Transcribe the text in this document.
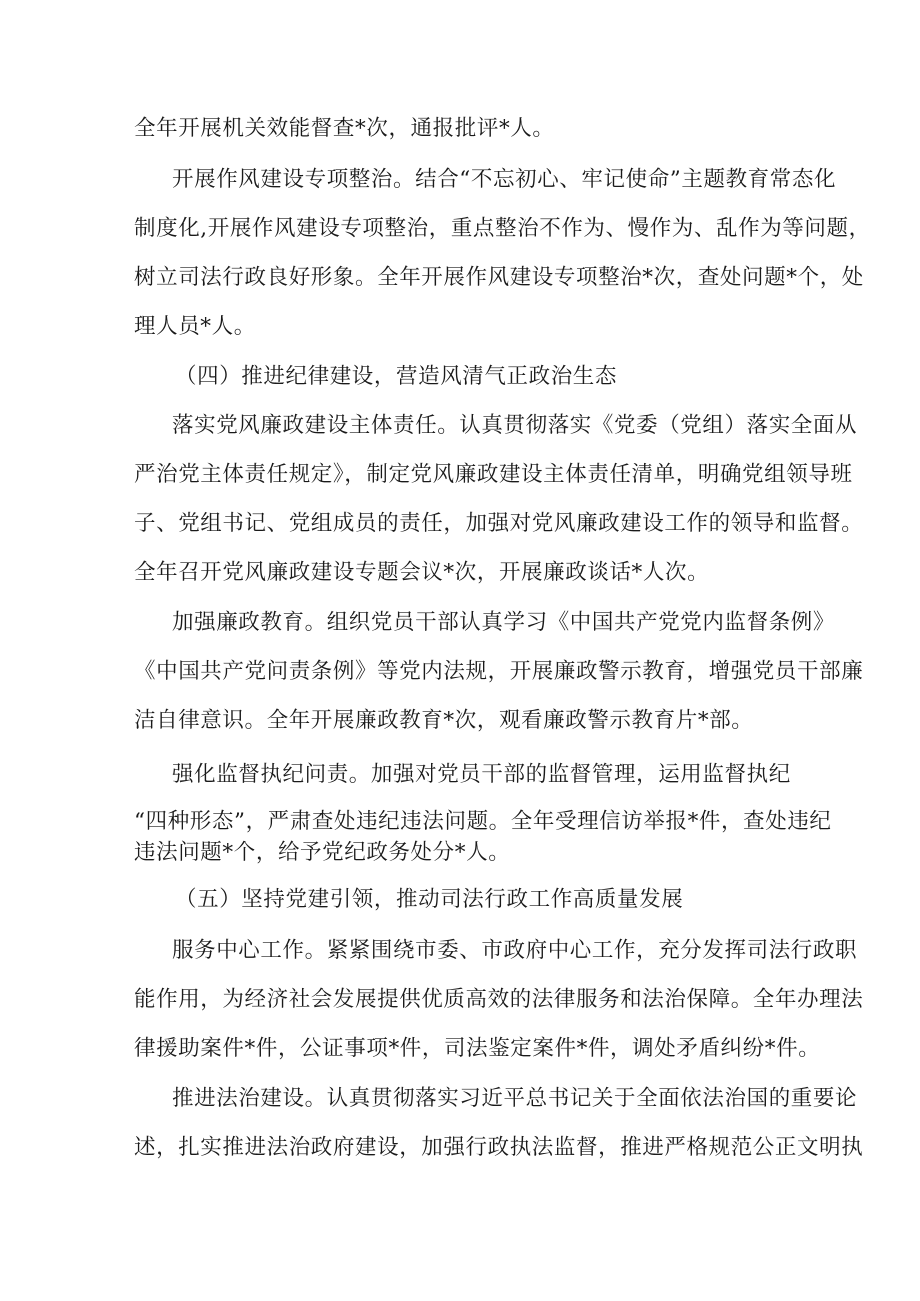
全年开展机关效能督查*次，通报批评*人。
开展作风建设专项整治。结合“不忘初心、牢记使命”主题教育常态化
制度化,开展作风建设专项整治，重点整治不作为、慢作为、乱作为等问题，
树立司法行政良好形象。全年开展作风建设专项整治*次，查处问题*个，处
理人员*人。
（四）推进纪律建设，营造风清气正政治生态
落实党风廉政建设主体责任。认真贯彻落实《党委（党组）落实全面从
严治党主体责任规定》，制定党风廉政建设主体责任清单，明确党组领导班
子、党组书记、党组成员的责任，加强对党风廉政建设工作的领导和监督。
全年召开党风廉政建设专题会议*次，开展廉政谈话*人次。
加强廉政教育。组织党员干部认真学习《中国共产党党内监督条例》
《中国共产党问责条例》等党内法规，开展廉政警示教育，增强党员干部廉
洁自律意识。全年开展廉政教育*次，观看廉政警示教育片*部。
强化监督执纪问责。加强对党员干部的监督管理，运用监督执纪
“四种形态”，严肃查处违纪违法问题。全年受理信访举报*件，查处违纪
违法问题*个，给予党纪政务处分*人。
（五）坚持党建引领，推动司法行政工作高质量发展
服务中心工作。紧紧围绕市委、市政府中心工作，充分发挥司法行政职
能作用，为经济社会发展提供优质高效的法律服务和法治保障。全年办理法
律援助案件*件，公证事项*件，司法鉴定案件*件，调处矛盾纠纷*件。
推进法治建设。认真贯彻落实习近平总书记关于全面依法治国的重要论
述，扎实推进法治政府建设，加强行政执法监督，推进严格规范公正文明执
